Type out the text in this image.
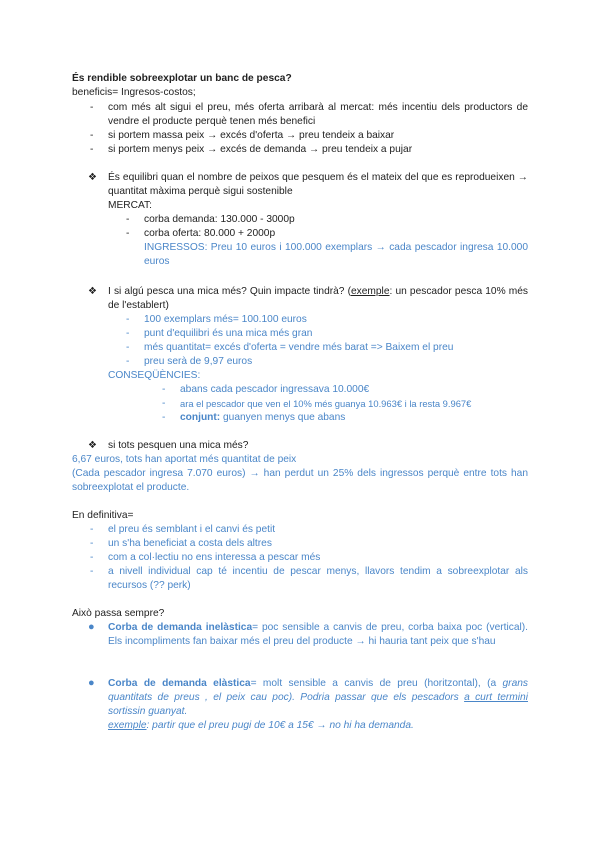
És rendible sobreexplotar un banc de pesca?
beneficis= Ingresos-costos;
- com més alt sigui el preu, més oferta arribarà al mercat: més incentiu dels productors de vendre el producte perquè tenen més benefici
- si portem massa peix → excés d'oferta → preu tendeix a baixar
- si portem menys peix → excés de demanda → preu tendeix a pujar
❖ És equilibri quan el nombre de peixos que pesquem és el mateix del que es reprodueixen → quantitat màxima perquè sigui sostenible
MERCAT:
- corba demanda: 130.000 - 3000p
- corba oferta: 80.000 + 2000p
INGRESSOS: Preu 10 euros i 100.000 exemplars → cada pescador ingresa 10.000 euros
❖ I si algú pesca una mica més? Quin impacte tindrà? (exemple: un pescador pesca 10% més de l'establert)
- 100 exemplars més= 100.100 euros
- punt d'equilibri és una mica més gran
- més quantitat= excés d'oferta = vendre més barat => Baixem el preu
- preu serà de 9,97 euros
CONSEQÜÈNCIES:
- abans cada pescador ingressava 10.000€
- ara el pescador que ven el 10% més guanya 10.963€ i la resta 9.967€
- conjunt: guanyen menys que abans
❖ si tots pesquen una mica més?
6,67 euros, tots han aportat més quantitat de peix
(Cada pescador ingresa 7.070 euros) → han perdut un 25% dels ingressos perquè entre tots han sobreexplotat el producte.
En definitiva=
- el preu és semblant i el canvi és petit
- un s'ha beneficiat a costa dels altres
- com a col·lectiu no ens interessa a pescar més
- a nivell individual cap té incentiu de pescar menys, llavors tendim a sobreexplotar als recursos (?? perk)
Això passa sempre?
● Corba de demanda inelàstica= poc sensible a canvis de preu, corba baixa poc (vertical). Els incompliments fan baixar més el preu del producte → hi hauria tant peix que s'hau
● Corba de demanda elàstica= molt sensible a canvis de preu (horitzontal), (a grans quantitats de preus , el peix cau poc). Podria passar que els pescadors a curt termini sortissin guanyat.
exemple: partir que el preu pugi de 10€ a 15€ → no hi ha demanda.
